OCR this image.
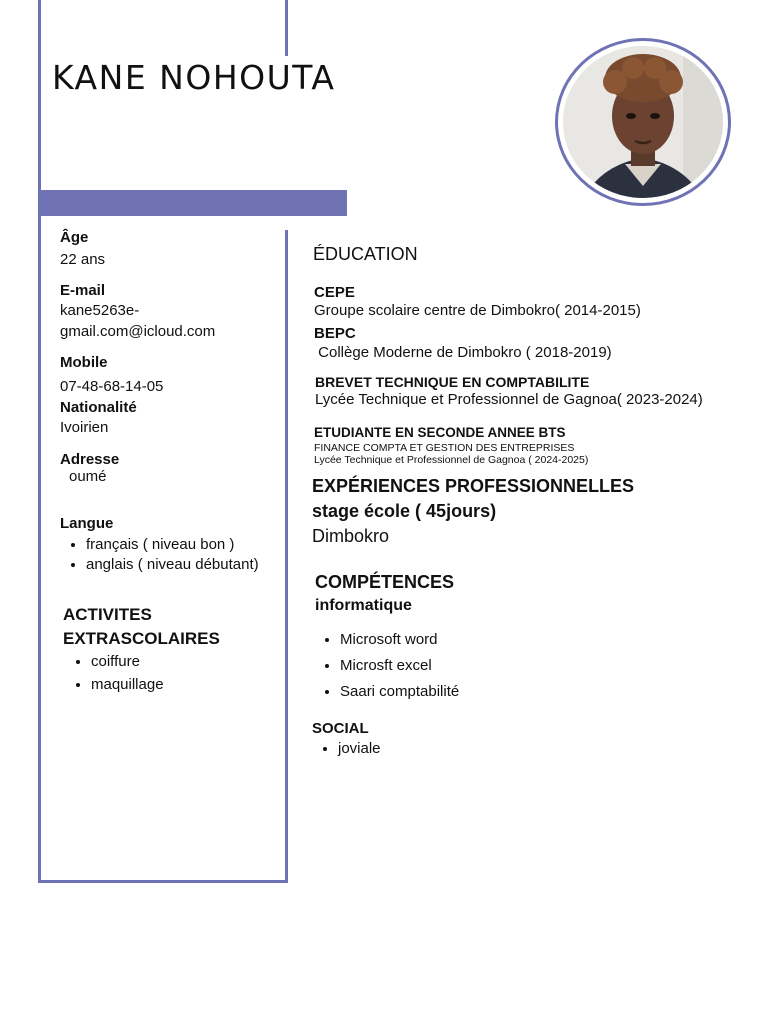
KANE NOHOUTA
Âge
22 ans
E-mail
kane5263e-
gmail.com@icloud.com
Mobile
07-48-68-14-05
Nationalité
Ivoirien
Adresse
oumé
Langue
• français ( niveau bon )
• anglais ( niveau débutant)
ACTIVITES
EXTRASCOLAIRES
• coiffure
• maquillage
ÉDUCATION
CEPE
Groupe scolaire centre de Dimbokro( 2014-2015)
BEPC
Collège Moderne de Dimbokro ( 2018-2019)
BREVET TECHNIQUE EN COMPTABILITE
Lycée Technique et Professionnel de Gagnoa( 2023-2024)
ETUDIANTE EN SECONDE ANNEE BTS
FINANCE COMPTA ET GESTION DES ENTREPRISES
Lycée Technique et Professionnel de Gagnoa ( 2024-2025)
EXPÉRIENCES PROFESSIONNELLES
stage école ( 45jours)
Dimbokro
COMPÉTENCES
informatique
• Microsoft word
• Microsft excel
• Saari comptabilité
SOCIAL
• joviale
